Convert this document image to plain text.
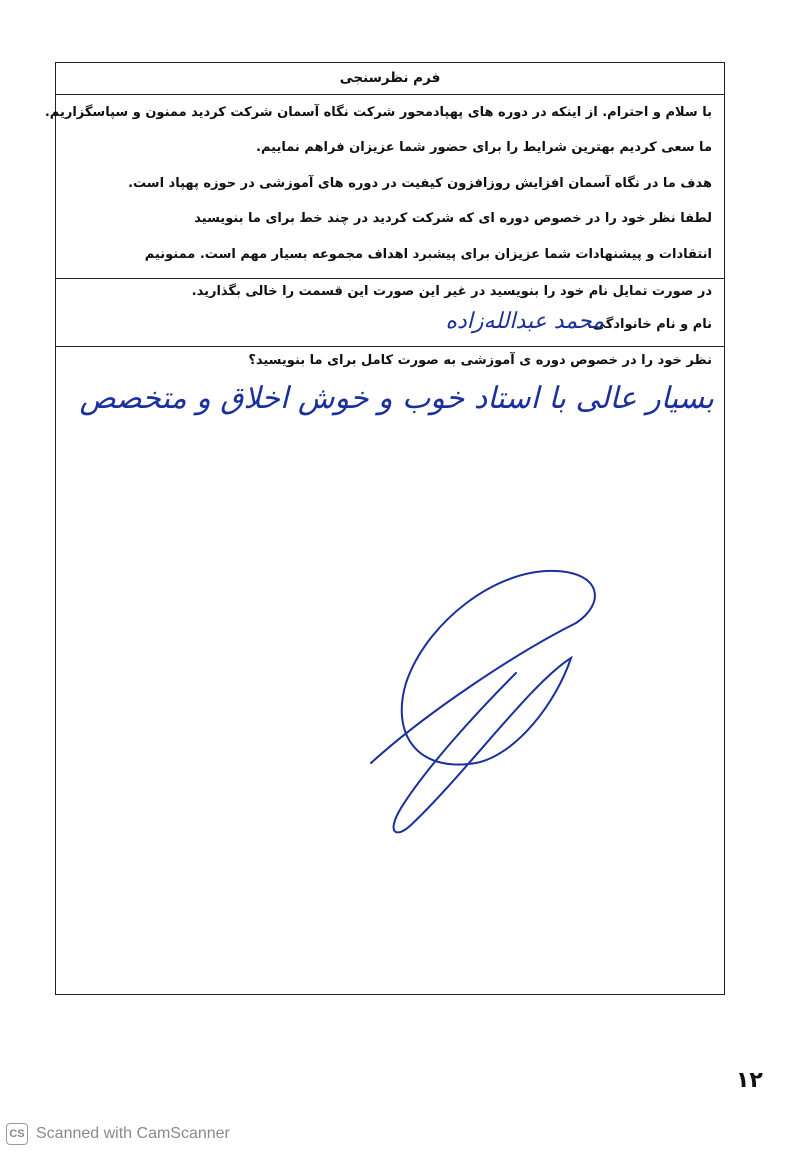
فرم نظرسنجی
با سلام و احترام. از اینکه در دوره های پهپادمحور شرکت نگاه آسمان شرکت کردید ممنون و سپاسگزاریم.
ما سعی کردیم بهترین شرایط را برای حضور شما عزیزان فراهم نماییم.
هدف ما در نگاه آسمان افزایش روزافزون کیفیت در دوره های آموزشی در حوزه پهپاد است.
لطفا نظر خود را در خصوص دوره ای که شرکت کردید در چند خط برای ما بنویسید
انتقادات و پیشنهادات شما عزیزان برای پیشبرد اهداف مجموعه بسیار مهم است. ممنونیم
در صورت تمایل نام خود را بنویسید در غیر این صورت این قسمت را خالی بگذارید.
نام و نام خانوادگی:
نظر خود را در خصوص دوره ی آموزشی به صورت کامل برای ما بنویسید؟
محمد عبدالله‌زاده
بسیار عالی با استاد خوب و خوش اخلاق و متخصص
۱۲
CS Scanned with CamScanner
